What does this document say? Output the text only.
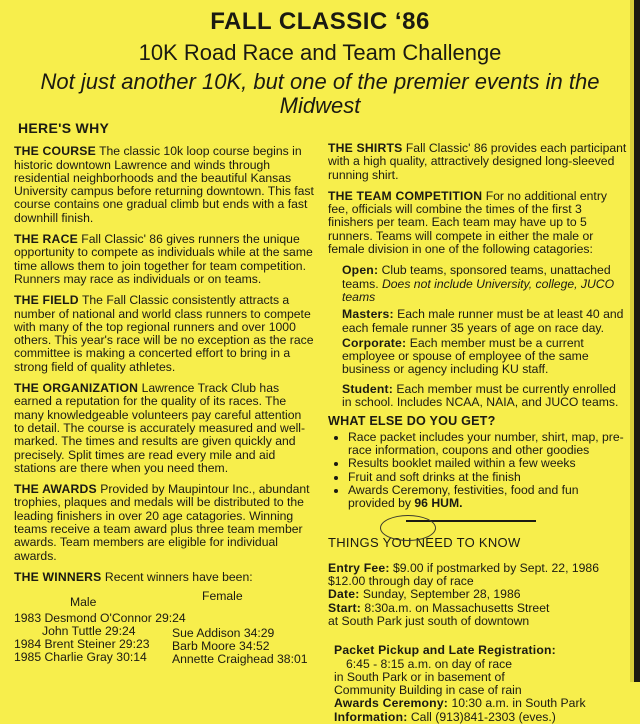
FALL CLASSIC ‘86
10K Road Race and Team Challenge
Not just another 10K, but one of the premier events in the
Midwest
HERE'S WHY
THE COURSE The classic 10k loop course begins in historic downtown Lawrence and winds through residential neighborhoods and the beautiful Kansas University campus before returning downtown. This fast course contains one gradual climb but ends with a fast downhill finish.
THE RACE Fall Classic' 86 gives runners the unique opportunity to compete as individuals while at the same time allows them to join together for team competition. Runners may race as individuals or on teams.
THE FIELD The Fall Classic consistently attracts a number of national and world class runners to compete with many of the top regional runners and over 1000 others. This year's race will be no exception as the race committee is making a concerted effort to bring in a strong field of quality athletes.
THE ORGANIZATION Lawrence Track Club has earned a reputation for the quality of its races. The many knowledgeable volunteers pay careful attention to detail. The course is accurately measured and well-marked. The times and results are given quickly and precisely. Split times are read every mile and aid stations are there when you need them.
THE AWARDS Provided by Maupintour Inc., abundant trophies, plaques and medals will be distributed to the leading finishers in over 20 age catagories. Winning teams receive a team award plus three team member awards. Team members are eligible for individual awards.
THE WINNERS Recent winners have been:
Male	Female
1983 Desmond O'Connor 29:24
John Tuttle 29:24
1984 Brent Steiner 29:23
1985 Charlie Gray 30:14
Sue Addison 34:29
Barb Moore 34:52
Annette Craighead 38:01
THE SHIRTS Fall Classic' 86 provides each participant with a high quality, attractively designed long-sleeved running shirt.
THE TEAM COMPETITION For no additional entry fee, officials will combine the times of the first 3 finishers per team. Each team may have up to 5 runners. Teams will compete in either the male or female division in one of the following catagories:
Open: Club teams, sponsored teams, unattached teams. Does not include University, college, JUCO teams
Masters: Each male runner must be at least 40 and each female runner 35 years of age on race day.
Corporate: Each member must be a current employee or spouse of employee of the same business or agency including KU staff.
Student: Each member must be currently enrolled in school. Includes NCAA, NAIA, and JUCO teams.
WHAT ELSE DO YOU GET?
• Race packet includes your number, shirt, map, pre-race information, coupons and other goodies
• Results booklet mailed within a few weeks
• Fruit and soft drinks at the finish
• Awards Ceremony, festivities, food and fun provided by 96 HUM.
THINGS YOU NEED TO KNOW
Entry Fee: $9.00 if postmarked by Sept. 22, 1986
$12.00 through day of race
Date: Sunday, September 28, 1986
Start: 8:30a.m. on Massachusetts Street
at South Park just south of downtown
Packet Pickup and Late Registration:
6:45 - 8:15 a.m. on day of race
in South Park or in basement of
Community Building in case of rain
Awards Ceremony: 10:30 a.m. in South Park
Information: Call (913)841-2303 (eves.)
